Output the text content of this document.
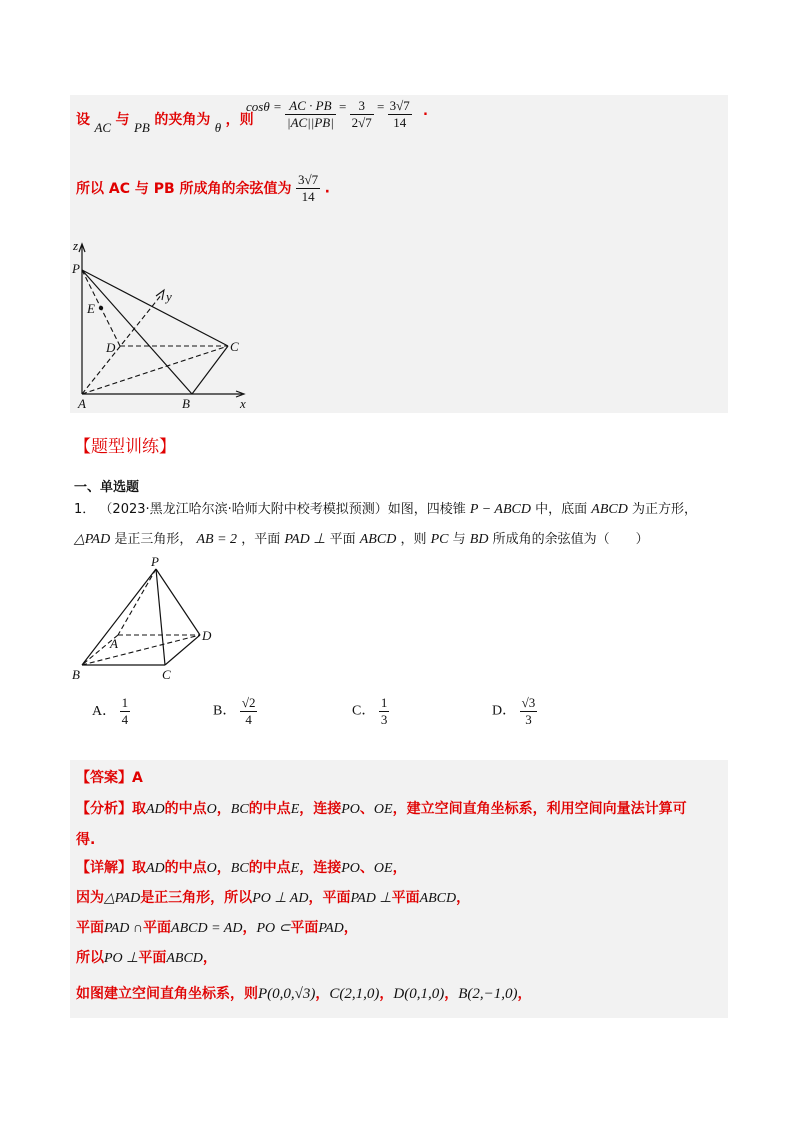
设 AC 与 PB 的夹角为 θ ，则
$\cos\theta = \frac{AC \cdot PB}{|AC||PB|} = \frac{3}{2√7} = \frac{3√7}{14}$ .
所以 AC 与 PB 所成角的余弦值为 $\frac{3√7}{14}$ .
z
P
E
y
D	C
A	B	x
【题型训练】
一、单选题
1． （2023·黑龙江哈尔滨·哈师大附中校考模拟预测）如图，四棱锥 P − ABCD 中，底面 ABCD 为正方形，
△PAD 是正三角形， AB = 2 ，平面 PAD ⊥ 平面 ABCD ，则 PC 与 BD 所成角的余弦值为（　　）
P
A
D
B	C
A． $\frac{1}{4}$	B． $\frac{√2}{4}$	C． $\frac{1}{3}$	D． $\frac{√3}{3}$
【答案】A
【分析】取AD的中点O，BC的中点E，连接PO、OE，建立空间直角坐标系，利用空间向量法计算可
得.
【详解】取AD的中点O，BC的中点E，连接PO、OE，
因为△PAD是正三角形，所以PO ⊥ AD，平面PAD ⊥平面ABCD，
平面PAD ∩平面ABCD = AD，PO ⊂平面PAD，
所以PO ⊥平面ABCD，
如图建立空间直角坐标系，则P(0,0,√3)，C(2,1,0)，D(0,1,0)，B(2,−1,0)，
